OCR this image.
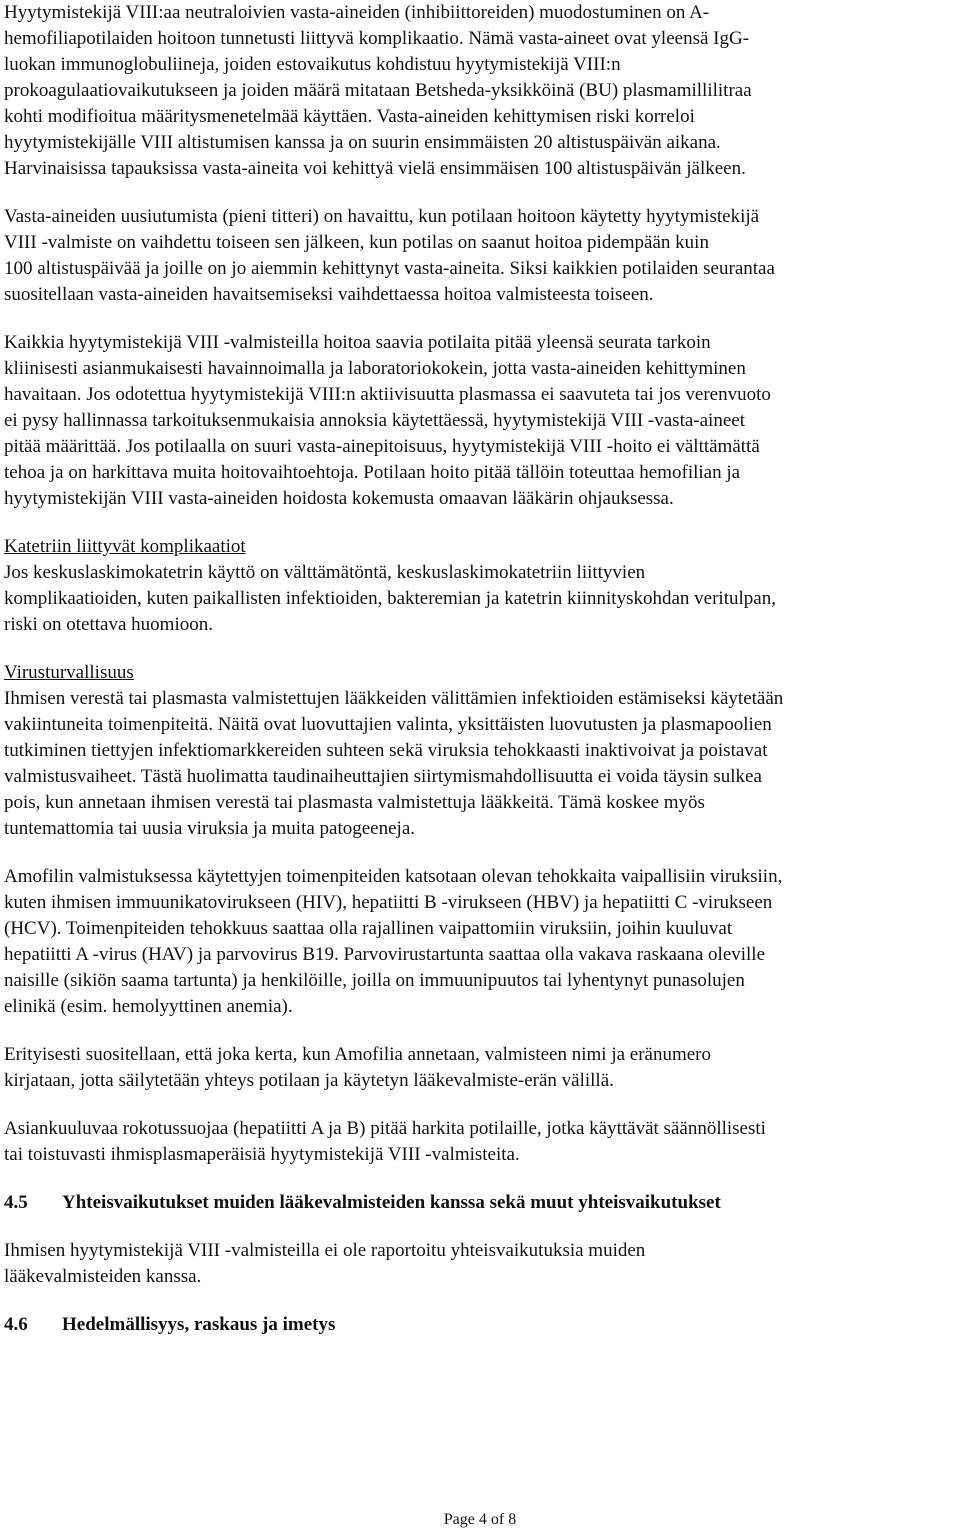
Hyytymistekijä VIII:aa neutraloivien vasta-aineiden (inhibiittoreiden) muodostuminen on A-
hemofiliapotilaiden hoitoon tunnetusti liittyvä komplikaatio. Nämä vasta-aineet ovat yleensä IgG-
luokan immunoglobuliineja, joiden estovaikutus kohdistuu hyytymistekijä VIII:n
prokoagulaatiovaikutukseen ja joiden määrä mitataan Betsheda-yksikköinä (BU) plasmamillilitraa
kohti modifioitua määritysmenetelmää käyttäen. Vasta-aineiden kehittymisen riski korreloi
hyytymistekijälle VIII altistumisen kanssa ja on suurin ensimmäisten 20 altistuspäivän aikana.
Harvinaisissa tapauksissa vasta-aineita voi kehittyä vielä ensimmäisen 100 altistuspäivän jälkeen.
Vasta-aineiden uusiutumista (pieni titteri) on havaittu, kun potilaan hoitoon käytetty hyytymistekijä
VIII -valmiste on vaihdettu toiseen sen jälkeen, kun potilas on saanut hoitoa pidempään kuin
100 altistuspäivää ja joille on jo aiemmin kehittynyt vasta-aineita. Siksi kaikkien potilaiden seurantaa
suositellaan vasta-aineiden havaitsemiseksi vaihdettaessa hoitoa valmisteesta toiseen.
Kaikkia hyytymistekijä VIII -valmisteilla hoitoa saavia potilaita pitää yleensä seurata tarkoin
kliinisesti asianmukaisesti havainnoimalla ja laboratoriokokein, jotta vasta-aineiden kehittyminen
havaitaan. Jos odotettua hyytymistekijä VIII:n aktiivisuutta plasmassa ei saavuteta tai jos verenvuoto
ei pysy hallinnassa tarkoituksenmukaisia annoksia käytettäessä, hyytymistekijä VIII -vasta-aineet
pitää määrittää. Jos potilaalla on suuri vasta-ainepitoisuus, hyytymistekijä VIII -hoito ei välttämättä
tehoa ja on harkittava muita hoitovaihtoehtoja. Potilaan hoito pitää tällöin toteuttaa hemofilian ja
hyytymistekijän VIII vasta-aineiden hoidosta kokemusta omaavan lääkärin ohjauksessa.
Katetriin liittyvät komplikaatiot
Jos keskuslaskimokatetrin käyttö on välttämätöntä, keskuslaskimokatetriin liittyvien
komplikaatioiden, kuten paikallisten infektioiden, bakteremian ja katetrin kiinnityskohdan veritulpan,
riski on otettava huomioon.
Virusturvallisuus
Ihmisen verestä tai plasmasta valmistettujen lääkkeiden välittämien infektioiden estämiseksi käytetään
vakiintuneita toimenpiteitä. Näitä ovat luovuttajien valinta, yksittäisten luovutusten ja plasmapoolien
tutkiminen tiettyjen infektiomarkkereiden suhteen sekä viruksia tehokkaasti inaktivoivat ja poistavat
valmistusvaiheet. Tästä huolimatta taudinaiheuttajien siirtymismahdollisuutta ei voida täysin sulkea
pois, kun annetaan ihmisen verestä tai plasmasta valmistettuja lääkkeitä. Tämä koskee myös
tuntemattomia tai uusia viruksia ja muita patogeeneja.
Amofilin valmistuksessa käytettyjen toimenpiteiden katsotaan olevan tehokkaita vaipallisiin viruksiin,
kuten ihmisen immuunikatovirukseen (HIV), hepatiitti B -virukseen (HBV) ja hepatiitti C -virukseen
(HCV). Toimenpiteiden tehokkuus saattaa olla rajallinen vaipattomiin viruksiin, joihin kuuluvat
hepatiitti A -virus (HAV) ja parvovirus B19. Parvovirustartunta saattaa olla vakava raskaana oleville
naisille (sikiön saama tartunta) ja henkilöille, joilla on immuunipuutos tai lyhentynyt punasolujen
elinikä (esim. hemolyyttinen anemia).
Erityisesti suositellaan, että joka kerta, kun Amofilia annetaan, valmisteen nimi ja eränumero
kirjataan, jotta säilytetään yhteys potilaan ja käytetyn lääkevalmiste-erän välillä.
Asiankuuluvaa rokotussuojaa (hepatiitti A ja B) pitää harkita potilaille, jotka käyttävät säännöllisesti
tai toistuvasti ihmisplasmaperäisiä hyytymistekijä VIII -valmisteita.
4.5 Yhteisvaikutukset muiden lääkevalmisteiden kanssa sekä muut yhteisvaikutukset
Ihmisen hyytymistekijä VIII -valmisteilla ei ole raportoitu yhteisvaikutuksia muiden
lääkevalmisteiden kanssa.
4.6 Hedelmällisyys, raskaus ja imetys
Page 4 of 8
